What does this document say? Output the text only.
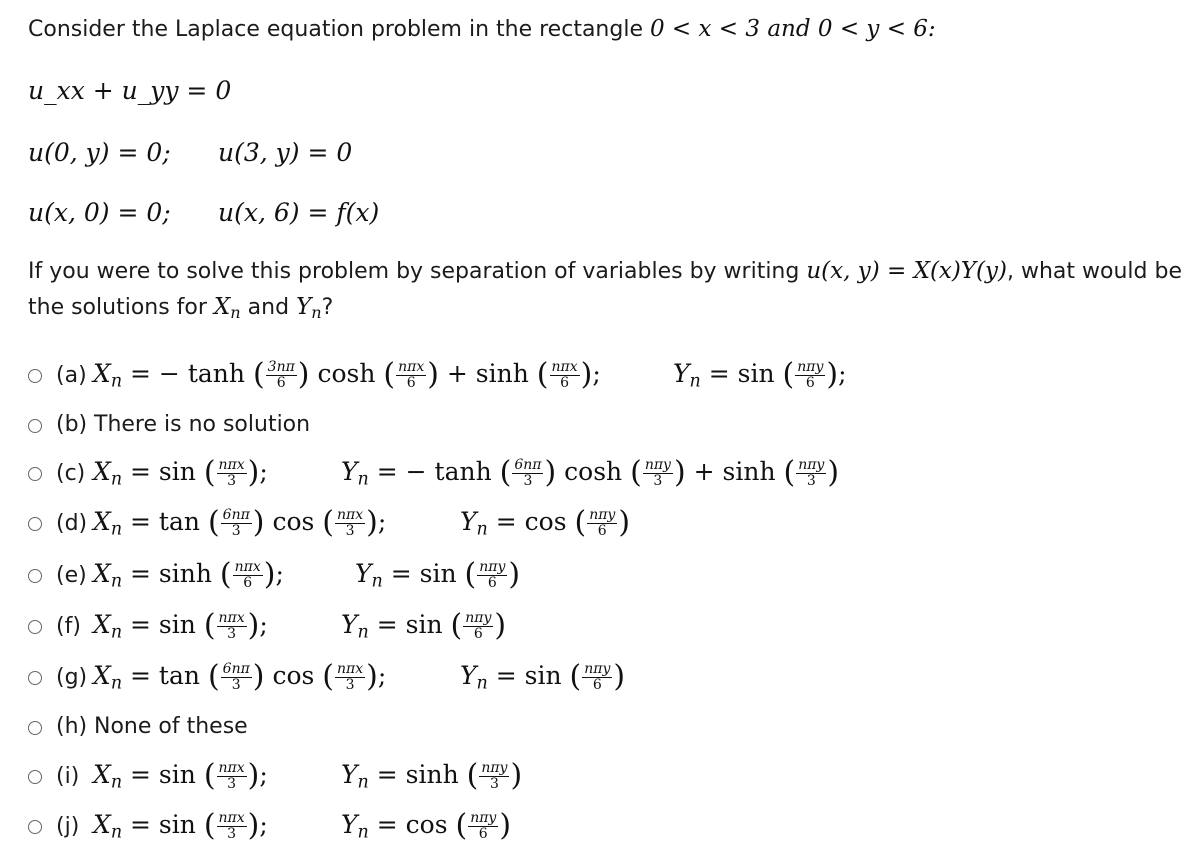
Consider the Laplace equation problem in the rectangle 0 < x < 3 and 0 < y < 6:
u_xx + u_yy = 0
u(0, y) = 0; u(3, y) = 0
u(x, 0) = 0; u(x, 6) = f(x)
If you were to solve this problem by separation of variables by writing u(x, y) = X(x)Y(y), what would be
the solutions for $X_n$ and $Y_n$?
(a) $X_n$ = − tanh ( $\frac{3n\pi}{6}$ ) cosh ( $\frac{\text{nπx}}{6}$ ) + sinh ( $\frac{\text{nπx}}{6}$ );	$Y_n = \sin$ ( $\frac{\text{nπy}}{6}$ );
(b) There is no solution
(c) $X_n = \sin$ ( $\frac{\text{nπx}}{3}$ );	$Y_n$ = − tanh ( $\frac{6n\pi}{3}$ ) cosh ( $\frac{\text{nπy}}{3}$ ) + sinh ( $\frac{\text{nπy}}{3}$ )
(d) $X_n = \tan$ ( $\frac{6n\pi}{3}$ ) cos ( $\frac{\text{nπx}}{3}$ );	$Y_n = \cos$ ( $\frac{\text{nπy}}{6}$ )
(e) $X_n = \sinh$ ( $\frac{\text{nπx}}{6}$ );	$Y_n = \sin$ ( $\frac{\text{nπy}}{6}$ )
(f) $X_n = \sin$ ( $\frac{\text{nπx}}{3}$ );	$Y_n = \sin$ ( $\frac{\text{nπy}}{6}$ )
(g) $X_n = \tan$ ( $\frac{6n\pi}{3}$ ) cos ( $\frac{\text{nπx}}{3}$ );	$Y_n = \sin$ ( $\frac{\text{nπy}}{6}$ )
(h) None of these
(i) $X_n = \sin$ ( $\frac{\text{nπx}}{3}$ );	$Y_n = \sinh$ ( $\frac{\text{nπy}}{3}$ )
(j) $X_n = \sin$ ( $\frac{\text{nπx}}{3}$ );	$Y_n = \cos$ ( $\frac{\text{nπy}}{6}$ )
